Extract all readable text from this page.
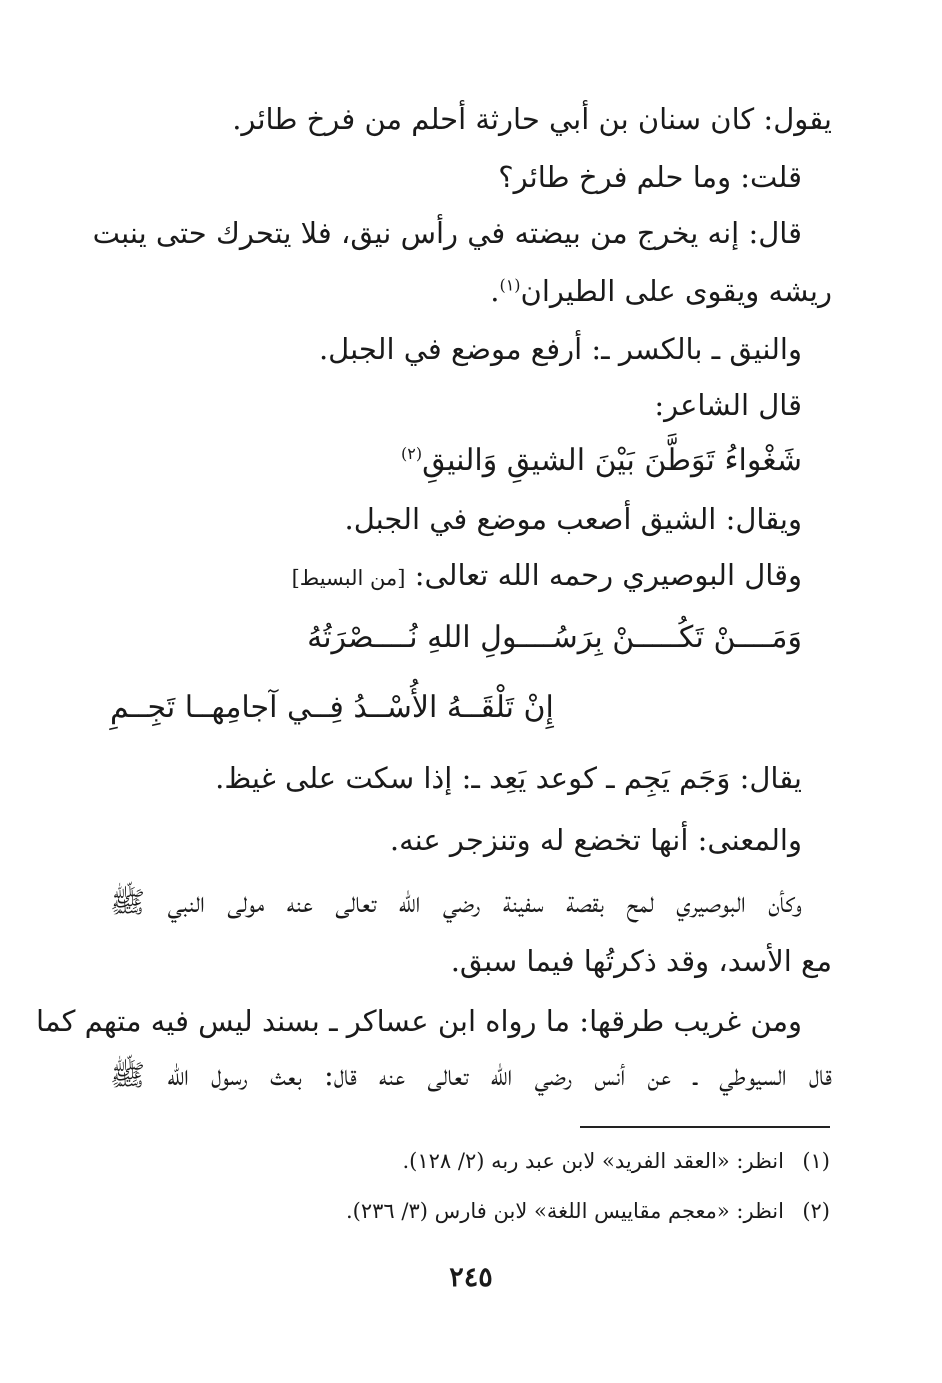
يقول: كان سنان بن أبي حارثة أحلم من فرخ طائر.
قلت: وما حلم فرخ طائر؟
قال: إنه يخرج من بيضته في رأس نيق، فلا يتحرك حتى ينبت
ريشه ويقوى على الطيران$^{(١)}$.
والنيق ـ بالكسر ـ: أرفع موضع في الجبل.
قال الشاعر:
شَغْواءُ تَوَطَّنَ بَيْنَ الشيقِ وَالنيقِ$^{(٢)}$
ويقال: الشيق أصعب موضع في الجبل.
وقال البوصيري رحمه الله تعالى: [من البسيط]
وَمَــــنْ تَكُـــــنْ بِرَسُــــولِ اللهِ نُــــصْرَتُهُ
إِنْ تَلْقَــهُ الأُسْــدُ فِــي آجامِهــا تَجِــمِ
يقال: وَجَم يَجِم ـ كوعد يَعِد ـ: إذا سكت على غيظ.
والمعنى: أنها تخضع له وتنزجر عنه.
وكأن البوصيري لمح بقصة سفينة رضي الله تعالى عنه مولى النبي ﷺ
مع الأسد، وقد ذكرتُها فيما سبق.
ومن غريب طرقها: ما رواه ابن عساكر ـ بسند ليس فيه متهم كما
قال السيوطي ـ عن أنس رضي الله تعالى عنه قال: بعث رسول الله ﷺ
(١)انظر: «العقد الفريد» لابن عبد ربه (٢/ ١٢٨).
(٢)انظر: «معجم مقاييس اللغة» لابن فارس (٣/ ٢٣٦).
٢٤٥
